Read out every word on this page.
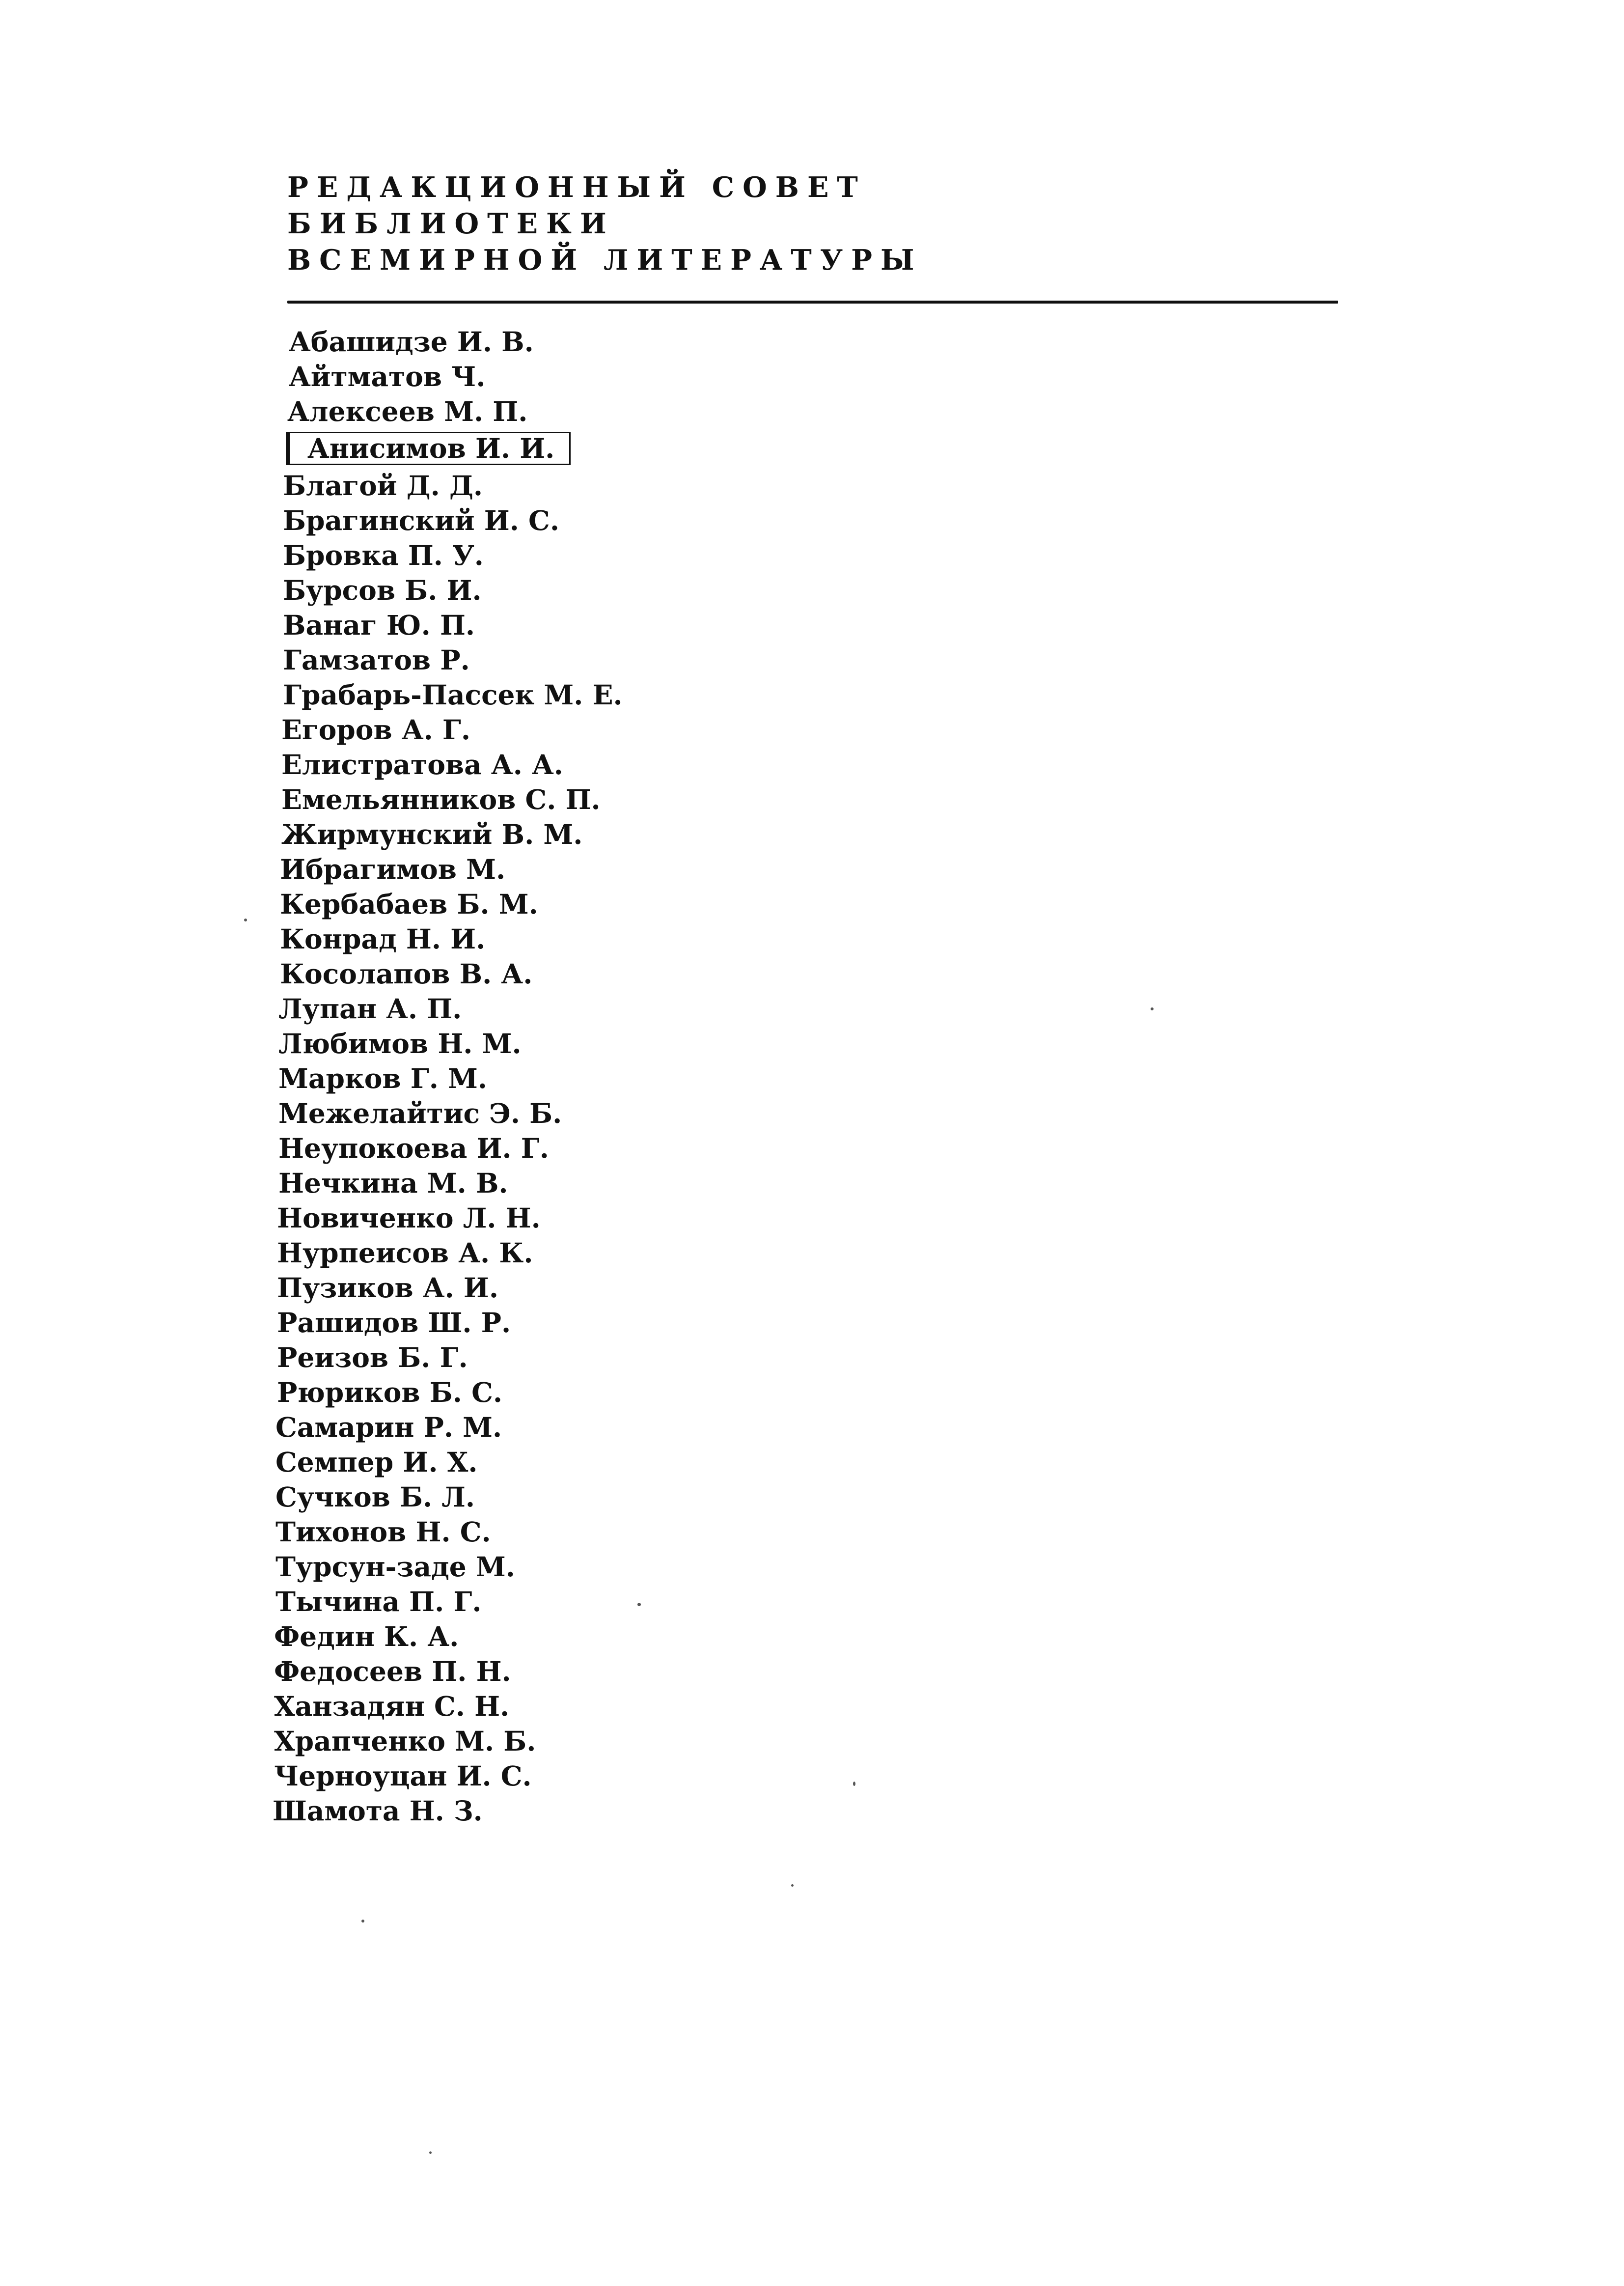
РЕДАКЦИОННЫЙ СОВЕТ
БИБЛИОТЕКИ
ВСЕМИРНОЙ ЛИТЕРАТУРЫ
Абашидзе И. В.
Айтматов Ч.
Алексеев М. П.
Анисимов И. И.
Благой Д. Д.
Брагинский И. С.
Бровка П. У.
Бурсов Б. И.
Ванаг Ю. П.
Гамзатов Р.
Грабарь-Пассек М. Е.
Егоров А. Г.
Елистратова А. А.
Емельянников С. П.
Жирмунский В. М.
Ибрагимов М.
Кербабаев Б. М.
Конрад Н. И.
Косолапов В. А.
Лупан А. П.
Любимов Н. М.
Марков Г. М.
Межелайтис Э. Б.
Неупокоева И. Г.
Нечкина М. В.
Новиченко Л. Н.
Нурпеисов А. К.
Пузиков А. И.
Рашидов Ш. Р.
Реизов Б. Г.
Рюриков Б. С.
Самарин Р. М.
Семпер И. Х.
Сучков Б. Л.
Тихонов Н. С.
Турсун-заде М.
Тычина П. Г.
Федин К. А.
Федосеев П. Н.
Ханзадян С. Н.
Храпченко М. Б.
Черноуцан И. С.
Шамота Н. З.
